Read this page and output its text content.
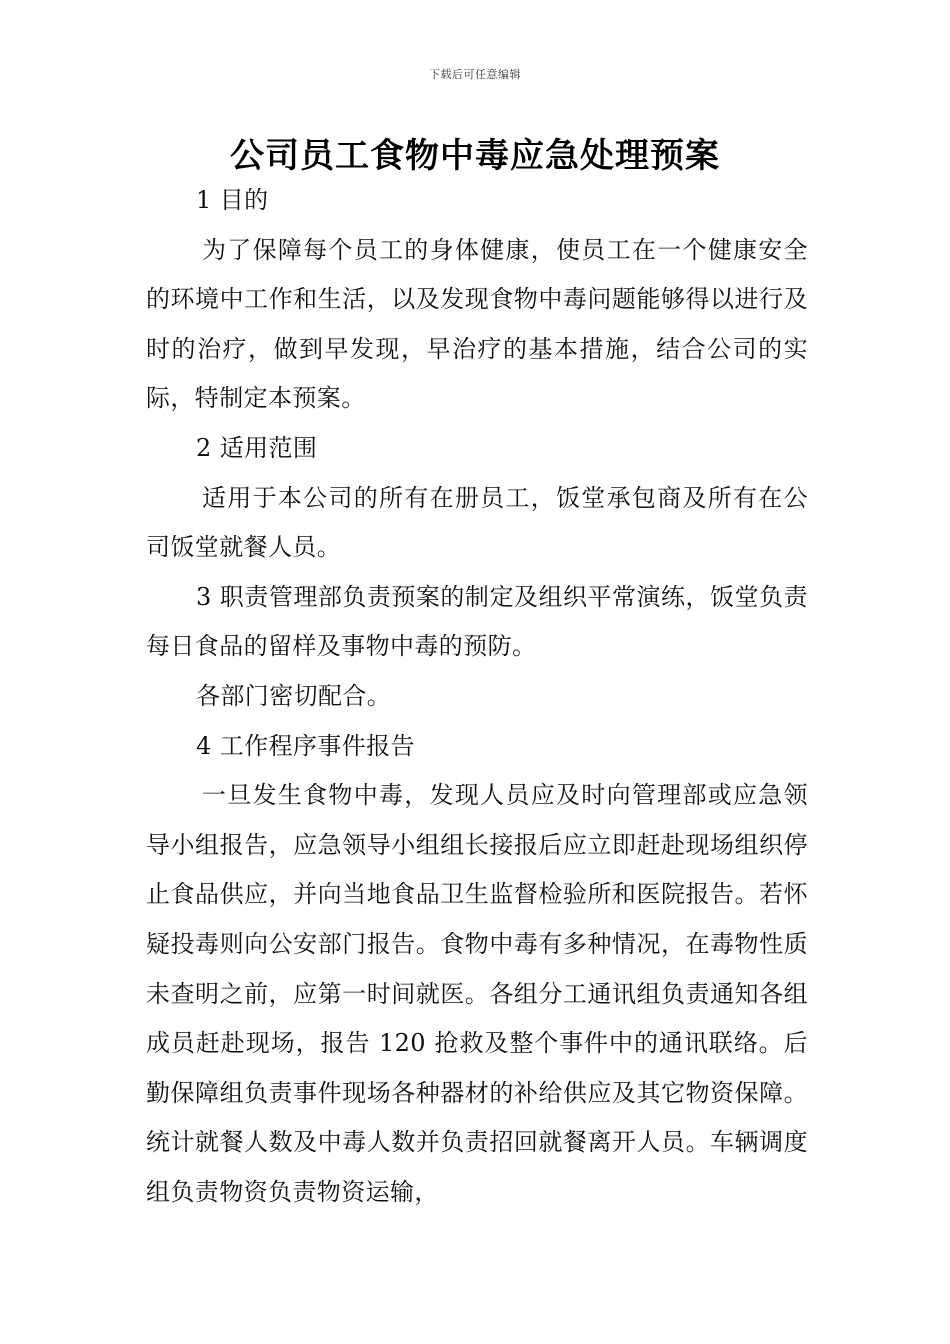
下载后可任意编辑
公司员工食物中毒应急处理预案

1 目的

为了保障每个员工的身体健康，使员工在一个健康安全的环境中工作和生活，以及发现食物中毒问题能够得以进行及时的治疗，做到早发现，早治疗的基本措施，结合公司的实际，特制定本预案。

2 适用范围

适用于本公司的所有在册员工，饭堂承包商及所有在公司饭堂就餐人员。

3 职责管理部负责预案的制定及组织平常演练，饭堂负责每日食品的留样及事物中毒的预防。

各部门密切配合。

4 工作程序事件报告

一旦发生食物中毒，发现人员应及时向管理部或应急领导小组报告，应急领导小组组长接报后应立即赶赴现场组织停止食品供应，并向当地食品卫生监督检验所和医院报告。若怀疑投毒则向公安部门报告。食物中毒有多种情况，在毒物性质未查明之前，应第一时间就医。各组分工通讯组负责通知各组成员赶赴现场，报告 120 抢救及整个事件中的通讯联络。后勤保障组负责事件现场各种器材的补给供应及其它物资保障。统计就餐人数及中毒人数并负责招回就餐离开人员。车辆调度组负责物资负责物资运输，
